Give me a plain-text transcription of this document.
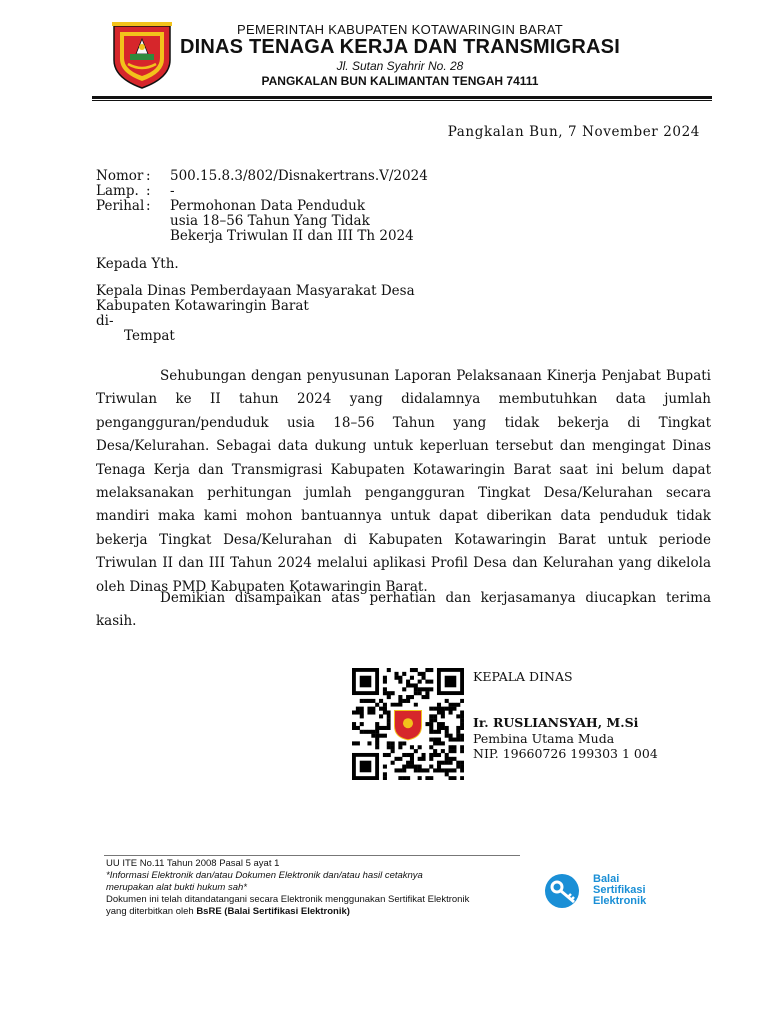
PEMERINTAH KABUPATEN KOTAWARINGIN BARAT
DINAS TENAGA KERJA DAN TRANSMIGRASI
Jl. Sutan Syahrir No. 28
PANGKALAN BUN KALIMANTAN TENGAH 74111
Pangkalan Bun, 7 November 2024
Nomor : 500.15.8.3/802/Disnakertrans.V/2024
Lamp. : -
Perihal : Permohonan Data Penduduk
usia 18–56 Tahun Yang Tidak
Bekerja Triwulan II dan III Th 2024
Kepada Yth.
Kepala Dinas Pemberdayaan Masyarakat Desa
Kabupaten Kotawaringin Barat
di-
Tempat

Sehubungan dengan penyusunan Laporan Pelaksanaan Kinerja Penjabat Bupati Triwulan ke II tahun 2024 yang didalamnya membutuhkan data jumlah pengangguran/penduduk usia 18–56 Tahun yang tidak bekerja di Tingkat Desa/Kelurahan. Sebagai data dukung untuk keperluan tersebut dan mengingat Dinas Tenaga Kerja dan Transmigrasi Kabupaten Kotawaringin Barat saat ini belum dapat melaksanakan perhitungan jumlah pengangguran Tingkat Desa/Kelurahan secara mandiri maka kami mohon bantuannya untuk dapat diberikan data penduduk tidak bekerja Tingkat Desa/Kelurahan di Kabupaten Kotawaringin Barat untuk periode Triwulan II dan III Tahun 2024 melalui aplikasi Profil Desa dan Kelurahan yang dikelola oleh Dinas PMD Kabupaten Kotawaringin Barat.

Demikian disampaikan atas perhatian dan kerjasamanya diucapkan terima kasih.

KEPALA DINAS
Ir. RUSLIANSYAH, M.Si
Pembina Utama Muda
NIP. 19660726 199303 1 004
UU ITE No.11 Tahun 2008 Pasal 5 ayat 1
*Informasi Elektronik dan/atau Dokumen Elektronik dan/atau hasil cetaknya
merupakan alat bukti hukum sah*
Dokumen ini telah ditandatangani secara Elektronik menggunakan Sertifikat Elektronik
yang diterbitkan oleh BsRE (Balai Sertifikasi Elektronik)
Balai
Sertifikasi
Elektronik
